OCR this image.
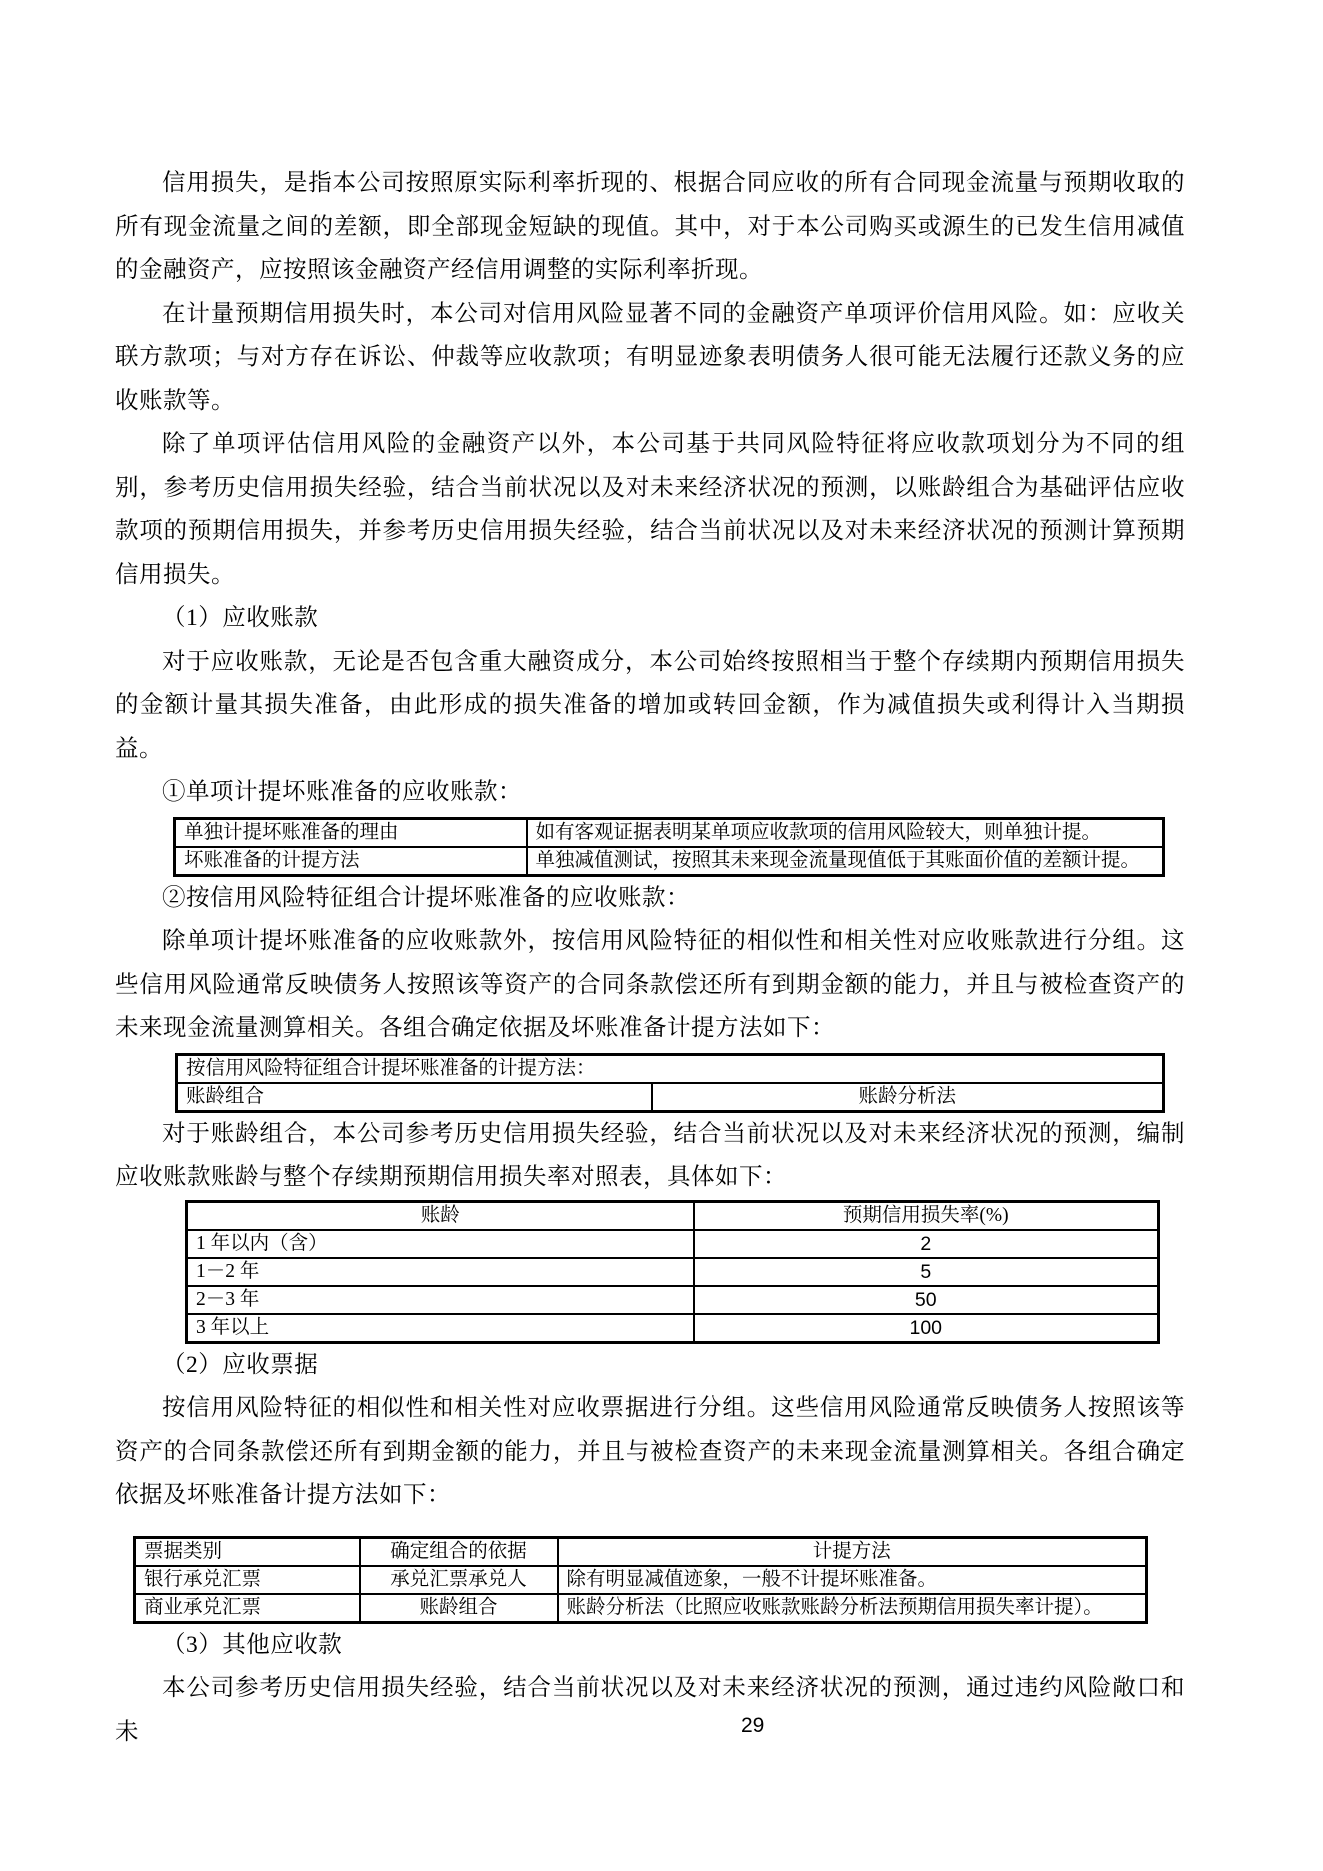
信用损失，是指本公司按照原实际利率折现的、根据合同应收的所有合同现金流量与预期收取的所有现金流量之间的差额，即全部现金短缺的现值。其中，对于本公司购买或源生的已发生信用减值的金融资产，应按照该金融资产经信用调整的实际利率折现。

在计量预期信用损失时，本公司对信用风险显著不同的金融资产单项评价信用风险。如：应收关联方款项；与对方存在诉讼、仲裁等应收款项；有明显迹象表明债务人很可能无法履行还款义务的应收账款等。

除了单项评估信用风险的金融资产以外，本公司基于共同风险特征将应收款项划分为不同的组别，参考历史信用损失经验，结合当前状况以及对未来经济状况的预测，以账龄组合为基础评估应收款项的预期信用损失，并参考历史信用损失经验，结合当前状况以及对未来经济状况的预测计算预期信用损失。

（1）应收账款

对于应收账款，无论是否包含重大融资成分，本公司始终按照相当于整个存续期内预期信用损失的金额计量其损失准备，由此形成的损失准备的增加或转回金额，作为减值损失或利得计入当期损益。

①单项计提坏账准备的应收账款：

单独计提坏账准备的理由	如有客观证据表明某单项应收款项的信用风险较大，则单独计提。
坏账准备的计提方法	单独减值测试，按照其未来现金流量现值低于其账面价值的差额计提。

②按信用风险特征组合计提坏账准备的应收账款：

除单项计提坏账准备的应收账款外，按信用风险特征的相似性和相关性对应收账款进行分组。这些信用风险通常反映债务人按照该等资产的合同条款偿还所有到期金额的能力，并且与被检查资产的未来现金流量测算相关。各组合确定依据及坏账准备计提方法如下：

按信用风险特征组合计提坏账准备的计提方法：
账龄组合	账龄分析法

对于账龄组合，本公司参考历史信用损失经验，结合当前状况以及对未来经济状况的预测，编制应收账款账龄与整个存续期预期信用损失率对照表，具体如下：

账龄	预期信用损失率(%)
1 年以内（含）	2
1－2 年	5
2－3 年	50
3 年以上	100

（2）应收票据

按信用风险特征的相似性和相关性对应收票据进行分组。这些信用风险通常反映债务人按照该等资产的合同条款偿还所有到期金额的能力，并且与被检查资产的未来现金流量测算相关。各组合确定依据及坏账准备计提方法如下：

票据类别	确定组合的依据	计提方法
银行承兑汇票	承兑汇票承兑人	除有明显减值迹象，一般不计提坏账准备。
商业承兑汇票	账龄组合	账龄分析法（比照应收账款账龄分析法预期信用损失率计提）。

（3）其他应收款

本公司参考历史信用损失经验，结合当前状况以及对未来经济状况的预测，通过违约风险敞口和未	29
